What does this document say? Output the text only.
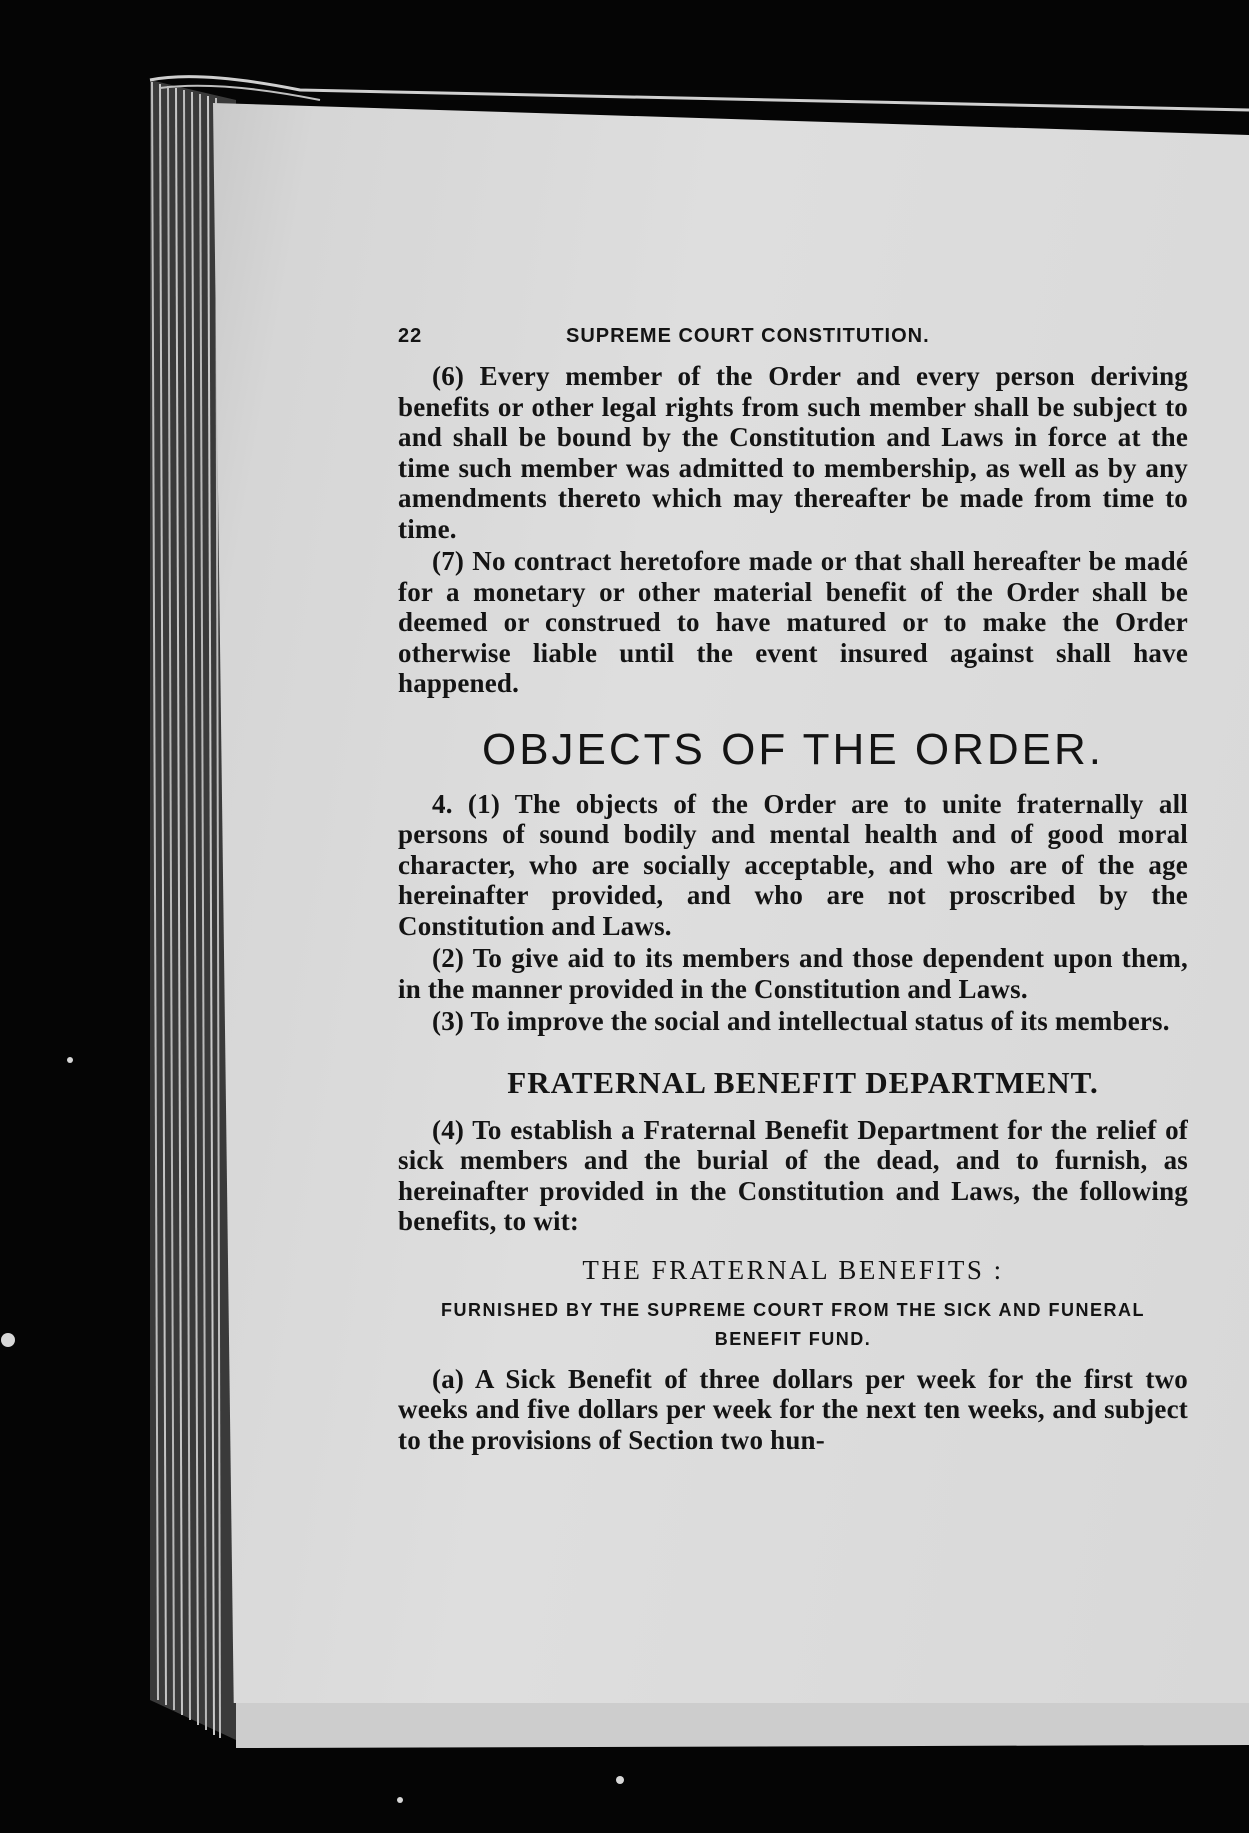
22	SUPREME COURT CONSTITUTION.

(6) Every member of the Order and every person deriving benefits or other legal rights from such member shall be subject to and shall be bound by the Constitution and Laws in force at the time such member was admitted to membership, as well as by any amendments thereto which may thereafter be made from time to time.

(7) No contract heretofore made or that shall hereafter be madé for a monetary or other material benefit of the Order shall be deemed or construed to have matured or to make the Order otherwise liable until the event insured against shall have happened.

OBJECTS OF THE ORDER.

4. (1) The objects of the Order are to unite fraternally all persons of sound bodily and mental health and of good moral character, who are socially acceptable, and who are of the age hereinafter provided, and who are not proscribed by the Constitution and Laws.

(2) To give aid to its members and those dependent upon them, in the manner provided in the Constitution and Laws.

(3) To improve the social and intellectual status of its members.

FRATERNAL BENEFIT DEPARTMENT.

(4) To establish a Fraternal Benefit Department for the relief of sick members and the burial of the dead, and to furnish, as hereinafter provided in the Constitution and Laws, the following benefits, to wit:

THE FRATERNAL BENEFITS :
FURNISHED BY THE SUPREME COURT FROM THE SICK AND FUNERAL BENEFIT FUND.

(a) A Sick Benefit of three dollars per week for the first two weeks and five dollars per week for the next ten weeks, and subject to the provisions of Section two hun-
